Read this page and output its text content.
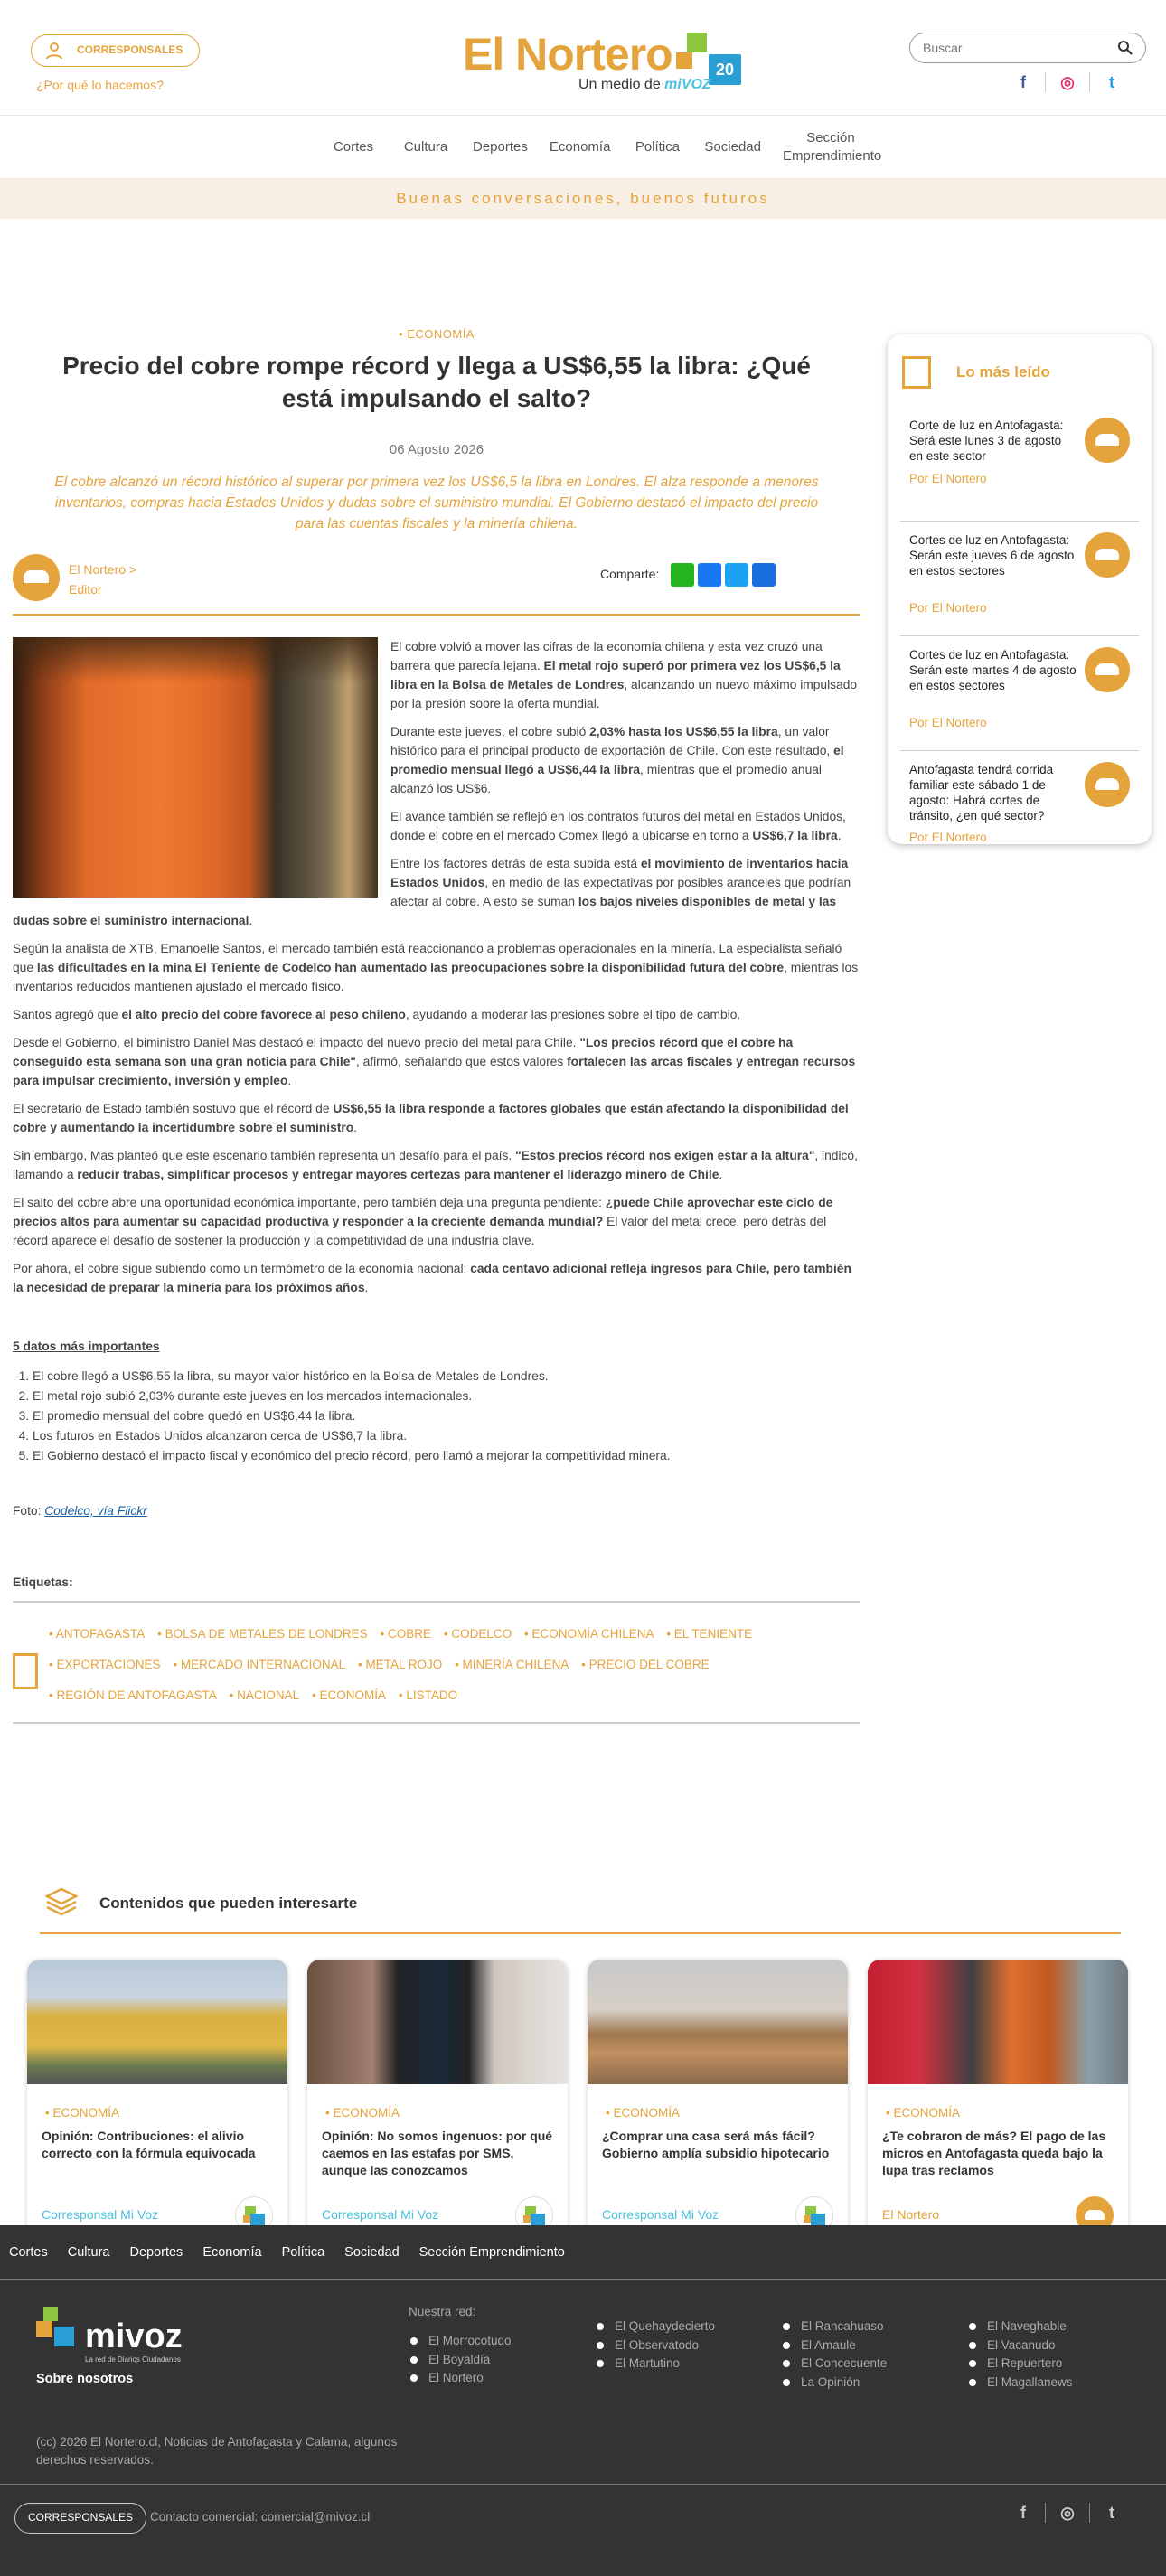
CORRESPONSALES
¿Por qué lo hacemos?
El Nortero	20
Un medio de miVOZ
Buscar	f	◎	t
Cortes	Cultura	Deportes	Economía	Política	Sociedad
Sección Emprendimiento
Buenas conversaciones, buenos futuros
• ECONOMÍA
Precio del cobre rompe récord y llega a US$6,55 la libra: ¿Qué está impulsando el salto?
06 Agosto 2026
El cobre alcanzó un récord histórico al superar por primera vez los US$6,5 la libra en Londres. El alza responde a menores inventarios, compras hacia Estados Unidos y dudas sobre el suministro mundial. El Gobierno destacó el impacto del precio para las cuentas fiscales y la minería chilena.
El Nortero >
Editor
Comparte:

El cobre volvió a mover las cifras de la economía chilena y esta vez cruzó una barrera que parecía lejana. El metal rojo superó por primera vez los US$6,5 la libra en la Bolsa de Metales de Londres, alcanzando un nuevo máximo impulsado por la presión sobre la oferta mundial.

Durante este jueves, el cobre subió 2,03% hasta los US$6,55 la libra, un valor histórico para el principal producto de exportación de Chile. Con este resultado, el promedio mensual llegó a US$6,44 la libra, mientras que el promedio anual alcanzó los US$6.

El avance también se reflejó en los contratos futuros del metal en Estados Unidos, donde el cobre en el mercado Comex llegó a ubicarse en torno a US$6,7 la libra.

Entre los factores detrás de esta subida está el movimiento de inventarios hacia Estados Unidos, en medio de las expectativas por posibles aranceles que podrían afectar al cobre. A esto se suman los bajos niveles disponibles de metal y las dudas sobre el suministro internacional.

Según la analista de XTB, Emanoelle Santos, el mercado también está reaccionando a problemas operacionales en la minería. La especialista señaló que las dificultades en la mina El Teniente de Codelco han aumentado las preocupaciones sobre la disponibilidad futura del cobre, mientras los inventarios reducidos mantienen ajustado el mercado físico.

Santos agregó que el alto precio del cobre favorece al peso chileno, ayudando a moderar las presiones sobre el tipo de cambio.

Desde el Gobierno, el biministro Daniel Mas destacó el impacto del nuevo precio del metal para Chile. "Los precios récord que el cobre ha conseguido esta semana son una gran noticia para Chile", afirmó, señalando que estos valores fortalecen las arcas fiscales y entregan recursos para impulsar crecimiento, inversión y empleo.

El secretario de Estado también sostuvo que el récord de US$6,55 la libra responde a factores globales que están afectando la disponibilidad del cobre y aumentando la incertidumbre sobre el suministro.

Sin embargo, Mas planteó que este escenario también representa un desafío para el país. "Estos precios récord nos exigen estar a la altura", indicó, llamando a reducir trabas, simplificar procesos y entregar mayores certezas para mantener el liderazgo minero de Chile.

El salto del cobre abre una oportunidad económica importante, pero también deja una pregunta pendiente: ¿puede Chile aprovechar este ciclo de precios altos para aumentar su capacidad productiva y responder a la creciente demanda mundial? El valor del metal crece, pero detrás del récord aparece el desafío de sostener la producción y la competitividad de una industria clave.

Por ahora, el cobre sigue subiendo como un termómetro de la economía nacional: cada centavo adicional refleja ingresos para Chile, pero también la necesidad de preparar la minería para los próximos años.

5 datos más importantes
1. El cobre llegó a US$6,55 la libra, su mayor valor histórico en la Bolsa de Metales de Londres.
2. El metal rojo subió 2,03% durante este jueves en los mercados internacionales.
3. El promedio mensual del cobre quedó en US$6,44 la libra.
4. Los futuros en Estados Unidos alcanzaron cerca de US$6,7 la libra.
5. El Gobierno destacó el impacto fiscal y económico del precio récord, pero llamó a mejorar la competitividad minera.
Foto: Codelco, vía Flickr
Etiquetas:
• ANTOFAGASTA • BOLSA DE METALES DE LONDRES • COBRE • CODELCO • ECONOMÍA CHILENA • EL TENIENTE • EXPORTACIONES • MERCADO INTERNACIONAL • METAL ROJO • MINERÍA CHILENA • PRECIO DEL COBRE • REGIÓN DE ANTOFAGASTA • NACIONAL • ECONOMÍA • LISTADO
Lo más leído
Corte de luz en Antofagasta: Será este lunes 3 de agosto en este sector
Por El Nortero
Cortes de luz en Antofagasta: Serán este jueves 6 de agosto en estos sectores
Por El Nortero
Cortes de luz en Antofagasta: Serán este martes 4 de agosto en estos sectores
Por El Nortero
Antofagasta tendrá corrida familiar este sábado 1 de agosto: Habrá cortes de tránsito, ¿en qué sector?
Por El Nortero
Contenidos que pueden interesarte
• ECONOMÍA
Opinión: Contribuciones: el alivio correcto con la fórmula equivocada
Corresponsal Mi Voz
• ECONOMÍA
Opinión: No somos ingenuos: por qué caemos en las estafas por SMS, aunque las conozcamos
Corresponsal Mi Voz
• ECONOMÍA
¿Comprar una casa será más fácil? Gobierno amplía subsidio hipotecario
Corresponsal Mi Voz
• ECONOMÍA
¿Te cobraron de más? El pago de las micros en Antofagasta queda bajo la lupa tras reclamos
El Nortero
Cortes	Cultura	Deportes	Economía	Política	Sociedad	Sección Emprendimiento
mivoz
La red de Diarios Ciudadanos
Sobre nosotros
Nuestra red:
El Morrocotudo
El Boyaldía
El Nortero
El Quehaydecierto
El Observatodo
El Martutino
El Rancahuaso
El Amaule
El Concecuente
La Opinión
El Naveghable
El Vacanudo
El Repuertero
El Magallanews
(cc) 2026 El Nortero.cl, Noticias de Antofagasta y Calama, algunos derechos reservados.
CORRESPONSALES	Contacto comercial: comercial@mivoz.cl	f	◎	t
